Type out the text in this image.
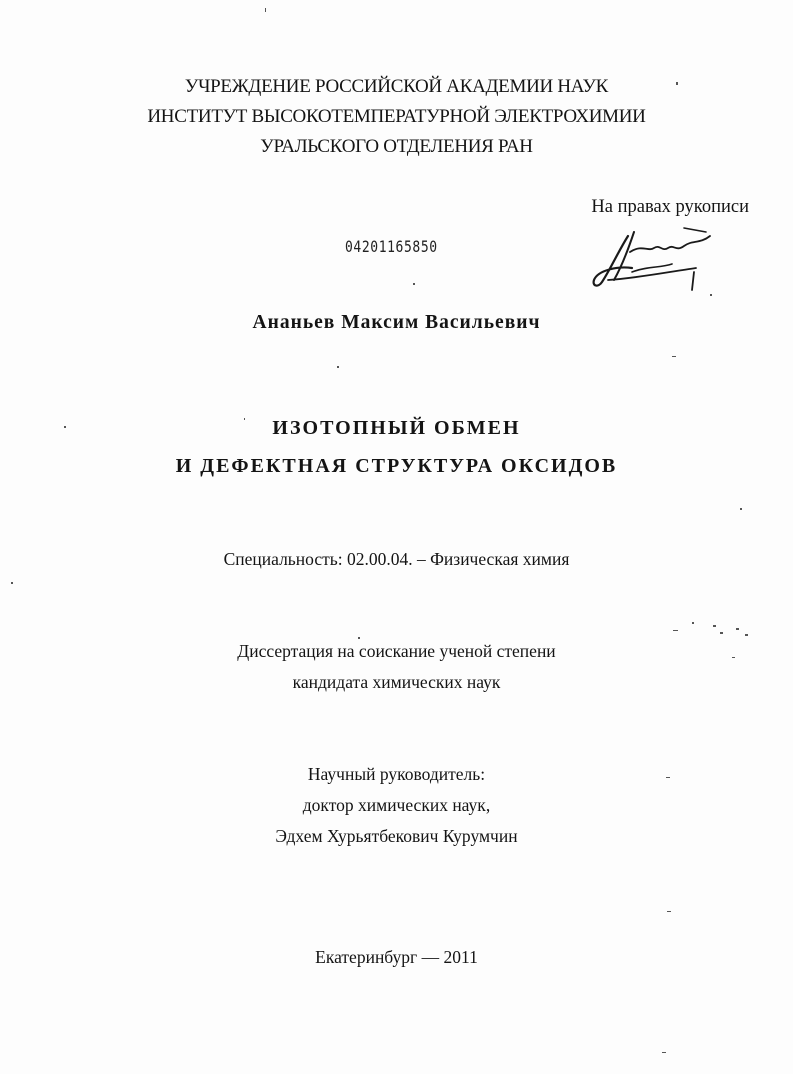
УЧРЕЖДЕНИЕ РОССИЙСКОЙ АКАДЕМИИ НАУК
ИНСТИТУТ ВЫСОКОТЕМПЕРАТУРНОЙ ЭЛЕКТРОХИМИИ
УРАЛЬСКОГО ОТДЕЛЕНИЯ РАН
На правах рукописи
04201165850
Ананьев Максим Васильевич
ИЗОТОПНЫЙ ОБМЕН
И ДЕФЕКТНАЯ СТРУКТУРА ОКСИДОВ
Специальность: 02.00.04. – Физическая химия
Диссертация на соискание ученой степени
кандидата химических наук
Научный руководитель:
доктор химических наук,
Эдхем Хурьятбекович Курумчин
Екатеринбург — 2011
